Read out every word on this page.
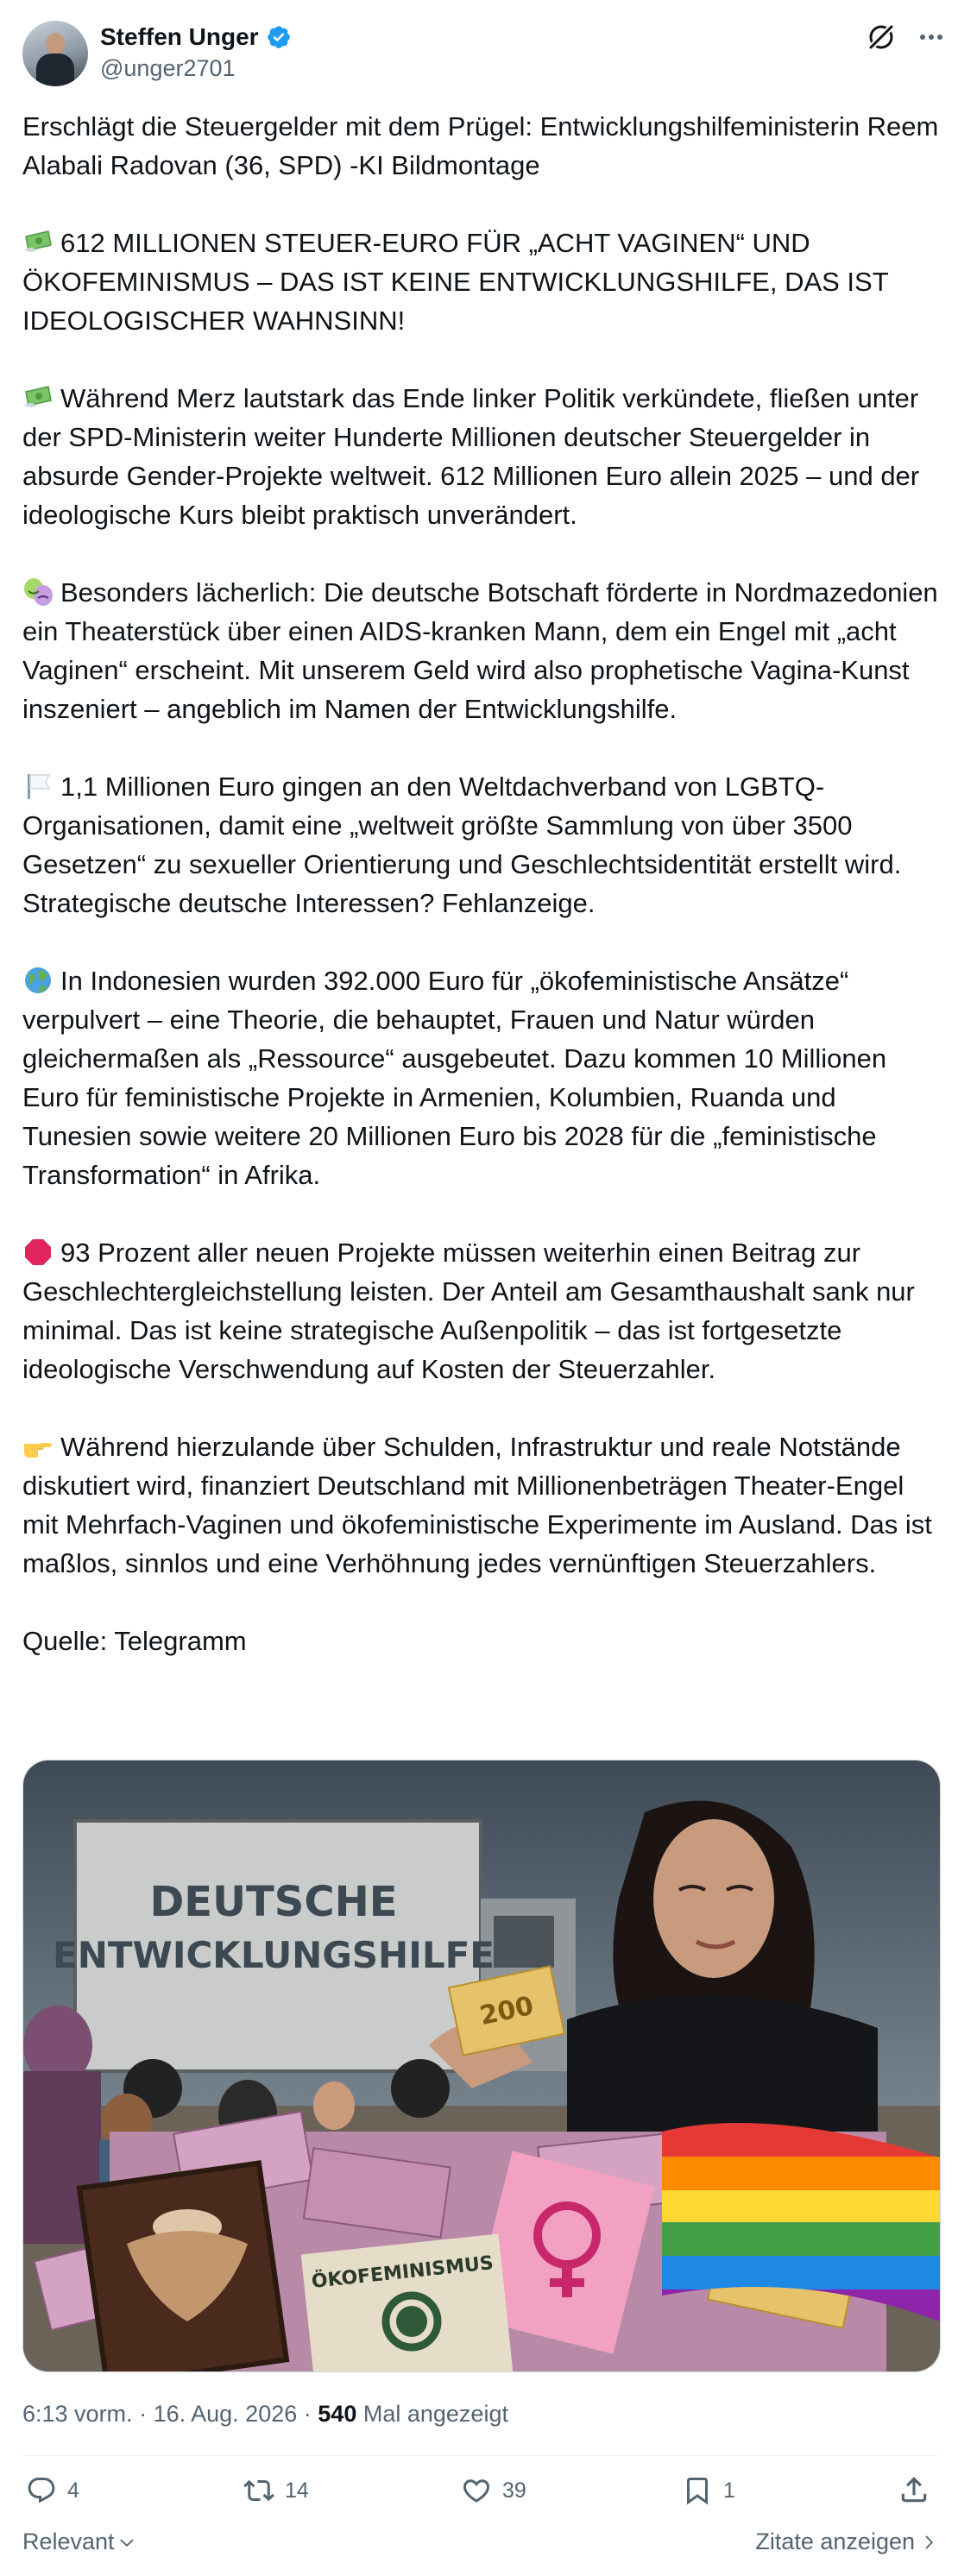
Steffen Unger
@unger2701

Erschlägt die Steuergelder mit dem Prügel: Entwicklungshilfeministerin Reem Alabali Radovan (36, SPD) -KI Bildmontage

612 MILLIONEN STEUER-EURO FÜR „ACHT VAGINEN“ UND ÖKOFEMINISMUS – DAS IST KEINE ENTWICKLUNGSHILFE, DAS IST IDEOLOGISCHER WAHNSINN!

Während Merz lautstark das Ende linker Politik verkündete, fließen unter der SPD-Ministerin weiter Hunderte Millionen deutscher Steuergelder in absurde Gender-Projekte weltweit. 612 Millionen Euro allein 2025 – und der ideologische Kurs bleibt praktisch unverändert.

Besonders lächerlich: Die deutsche Botschaft förderte in Nordmazedonien ein Theaterstück über einen AIDS-kranken Mann, dem ein Engel mit „acht Vaginen“ erscheint. Mit unserem Geld wird also prophetische Vagina-Kunst inszeniert – angeblich im Namen der Entwicklungshilfe.

1,1 Millionen Euro gingen an den Weltdachverband von LGBTQ-Organisationen, damit eine „weltweit größte Sammlung von über 3500 Gesetzen“ zu sexueller Orientierung und Geschlechtsidentität erstellt wird. Strategische deutsche Interessen? Fehlanzeige.

In Indonesien wurden 392.000 Euro für „ökofeministische Ansätze“ verpulvert – eine Theorie, die behauptet, Frauen und Natur würden gleichermaßen als „Ressource“ ausgebeutet. Dazu kommen 10 Millionen Euro für feministische Projekte in Armenien, Kolumbien, Ruanda und Tunesien sowie weitere 20 Millionen Euro bis 2028 für die „feministische Transformation“ in Afrika.

93 Prozent aller neuen Projekte müssen weiterhin einen Beitrag zur Geschlechtergleichstellung leisten. Der Anteil am Gesamthaushalt sank nur minimal. Das ist keine strategische Außenpolitik – das ist fortgesetzte ideologische Verschwendung auf Kosten der Steuerzahler.

Während hierzulande über Schulden, Infrastruktur und reale Notstände diskutiert wird, finanziert Deutschland mit Millionenbeträgen Theater-Engel mit Mehrfach-Vaginen und ökofeministische Experimente im Ausland. Das ist maßlos, sinnlos und eine Verhöhnung jedes vernünftigen Steuerzahlers.

Quelle: Telegramm

DEUTSCHE
ENTWICKLUNGSHILFE
200
ÖKOFEMINISMUS
6:13 vorm. · 16. Aug. 2026 · 540 Mal angezeigt
4	14	39	1
Relevant	Zitate anzeigen
